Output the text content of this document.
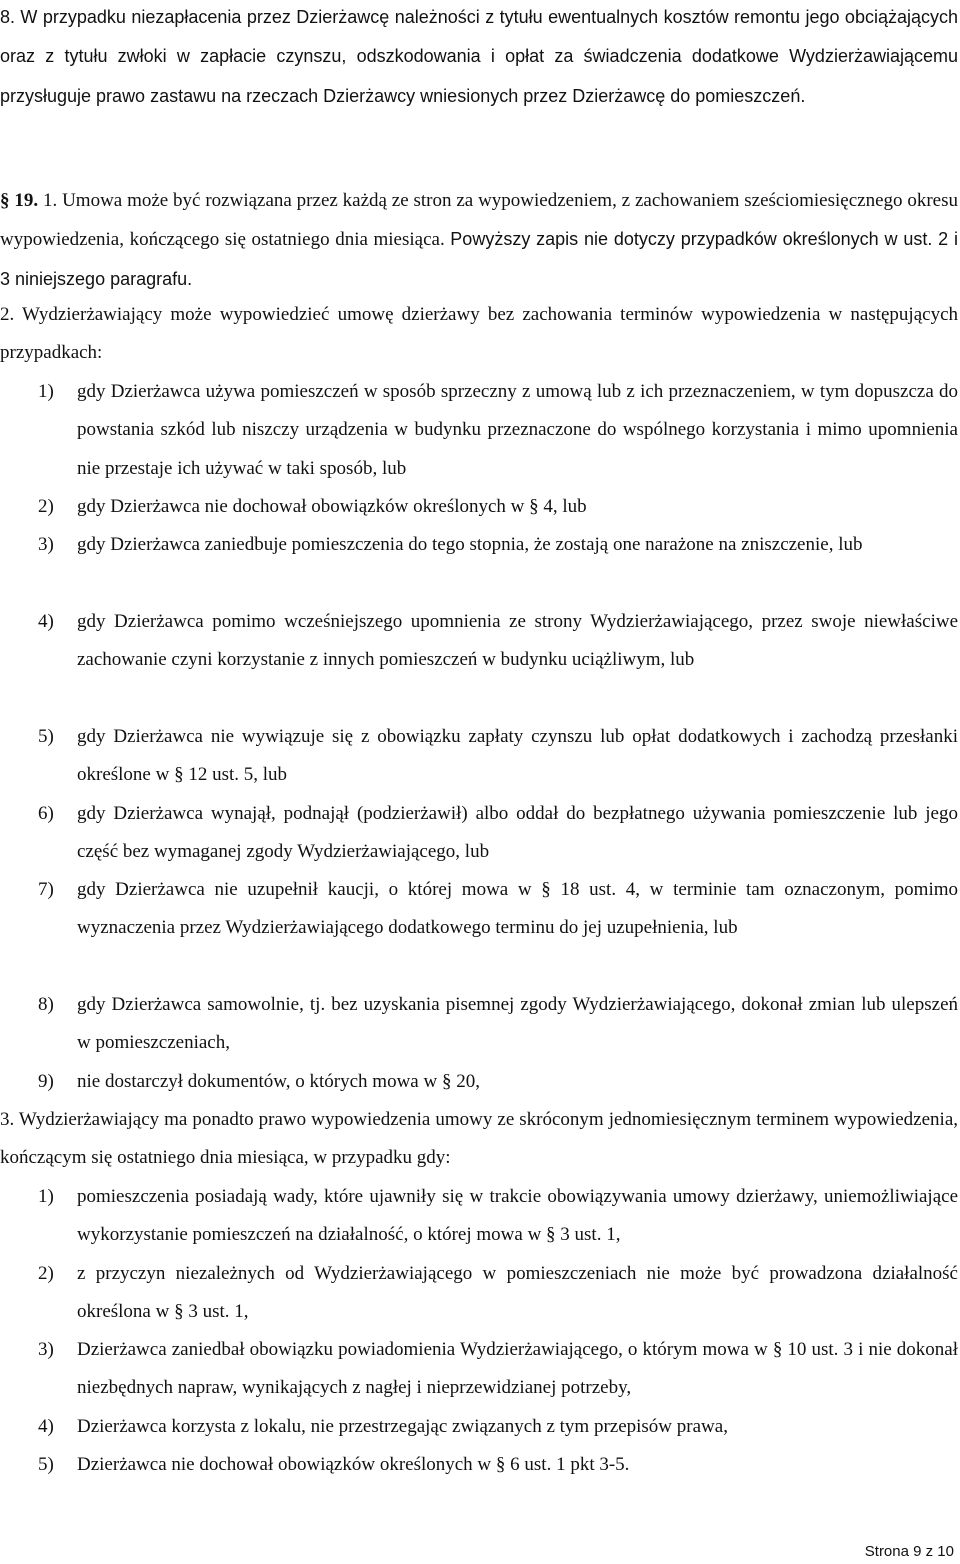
8. W przypadku niezapłacenia przez Dzierżawcę należności z tytułu ewentualnych kosztów remontu jego obciążających oraz z tytułu zwłoki w zapłacie czynszu, odszkodowania i opłat za świadczenia dodatkowe Wydzierżawiającemu przysługuje prawo zastawu na rzeczach Dzierżawcy wniesionych przez Dzierżawcę do pomieszczeń.
§ 19. 1. Umowa może być rozwiązana przez każdą ze stron za wypowiedzeniem, z zachowaniem sześciomiesięcznego okresu wypowiedzenia, kończącego się ostatniego dnia miesiąca. Powyższy zapis nie dotyczy przypadków określonych w ust. 2 i 3 niniejszego paragrafu.
2. Wydzierżawiający może wypowiedzieć umowę dzierżawy bez zachowania terminów wypowiedzenia w następujących przypadkach:
1) gdy Dzierżawca używa pomieszczeń w sposób sprzeczny z umową lub z ich przeznaczeniem, w tym dopuszcza do powstania szkód lub niszczy urządzenia w budynku przeznaczone do wspólnego korzystania i mimo upomnienia nie przestaje ich używać w taki sposób, lub
2) gdy Dzierżawca nie dochował obowiązków określonych w § 4, lub
3) gdy Dzierżawca zaniedbuje pomieszczenia do tego stopnia, że zostają one narażone na zniszczenie, lub
4) gdy Dzierżawca pomimo wcześniejszego upomnienia ze strony Wydzierżawiającego, przez swoje niewłaściwe zachowanie czyni korzystanie z innych pomieszczeń w budynku uciążliwym, lub
5) gdy Dzierżawca nie wywiązuje się z obowiązku zapłaty czynszu lub opłat dodatkowych i zachodzą przesłanki określone w § 12 ust. 5, lub
6) gdy Dzierżawca wynajął, podnajął (podzierżawił) albo oddał do bezpłatnego używania pomieszczenie lub jego część bez wymaganej zgody Wydzierżawiającego, lub
7) gdy Dzierżawca nie uzupełnił kaucji, o której mowa w § 18 ust. 4, w terminie tam oznaczonym, pomimo wyznaczenia przez Wydzierżawiającego dodatkowego terminu do jej uzupełnienia, lub
8) gdy Dzierżawca samowolnie, tj. bez uzyskania pisemnej zgody Wydzierżawiającego, dokonał zmian lub ulepszeń w pomieszczeniach,
9) nie dostarczył dokumentów, o których mowa w § 20,
3. Wydzierżawiający ma ponadto prawo wypowiedzenia umowy ze skróconym jednomiesięcznym terminem wypowiedzenia, kończącym się ostatniego dnia miesiąca, w przypadku gdy:
1) pomieszczenia posiadają wady, które ujawniły się w trakcie obowiązywania umowy dzierżawy, uniemożliwiające wykorzystanie pomieszczeń na działalność, o której mowa w § 3 ust. 1,
2) z przyczyn niezależnych od Wydzierżawiającego w pomieszczeniach nie może być prowadzona działalność określona w § 3 ust. 1,
3) Dzierżawca zaniedbał obowiązku powiadomienia Wydzierżawiającego, o którym mowa w § 10 ust. 3 i nie dokonał niezbędnych napraw, wynikających z nagłej i nieprzewidzianej potrzeby,
4) Dzierżawca korzysta z lokalu, nie przestrzegając związanych z tym przepisów prawa,
5) Dzierżawca nie dochował obowiązków określonych w § 6 ust. 1 pkt 3-5.
Strona 9 z 10
